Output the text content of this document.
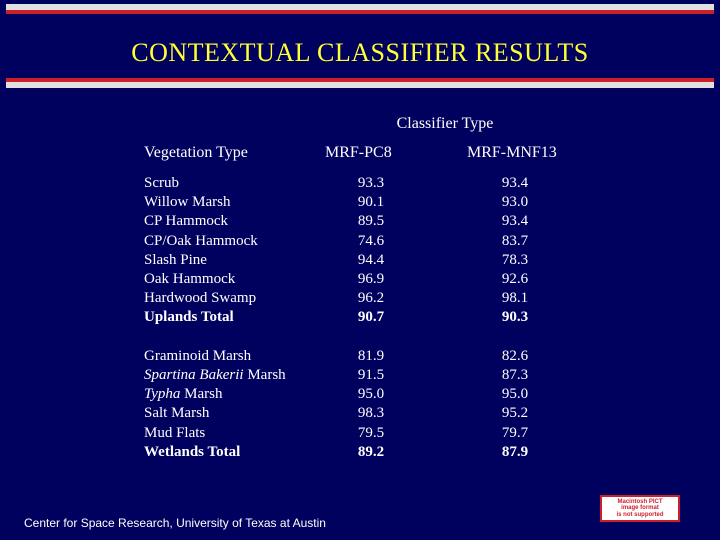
CONTEXTUAL CLASSIFIER RESULTS
Classifier Type
Vegetation Type	MRF-PC8	MRF-MNF13
Scrub	93.3	93.4
Willow Marsh	90.1	93.0
CP Hammock	89.5	93.4
CP/Oak Hammock	74.6	83.7
Slash Pine	94.4	78.3
Oak Hammock	96.9	92.6
Hardwood Swamp	96.2	98.1
Uplands Total	90.7	90.3
Graminoid Marsh	81.9	82.6
Spartina Bakerii Marsh	91.5	87.3
Typha Marsh	95.0	95.0
Salt Marsh	98.3	95.2
Mud Flats	79.5	79.7
Wetlands Total	89.2	87.9
Center for Space Research, University of Texas at Austin
Macintosh PICT
image format
is not supported
